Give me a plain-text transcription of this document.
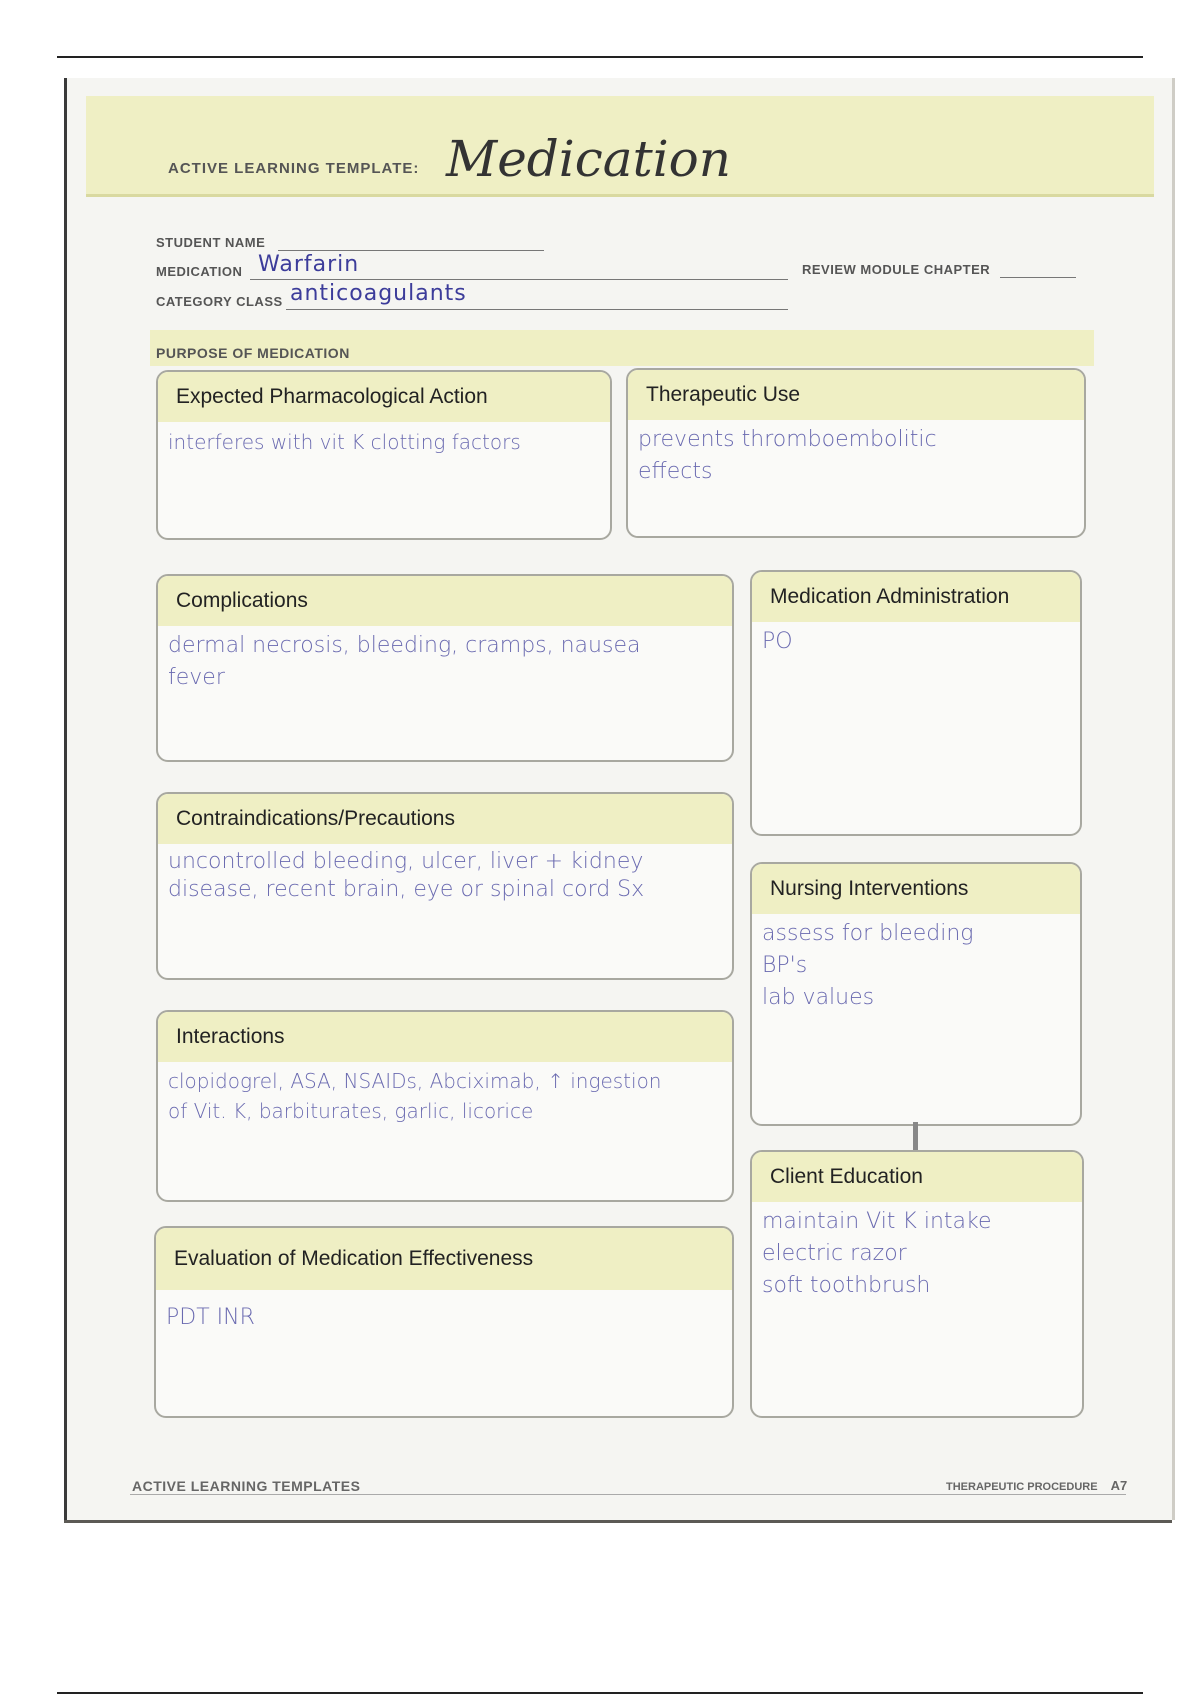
ACTIVE LEARNING TEMPLATE: Medication
STUDENT NAME
MEDICATION Warfarin	REVIEW MODULE CHAPTER
CATEGORY CLASS anticoagulants
PURPOSE OF MEDICATION
Expected Pharmacological Action
interferes with vit K clotting factors
Therapeutic Use
prevents thromboembolitic
effects
Complications
dermal necrosis, bleeding, cramps, nausea
fever
Medication Administration
PO
Contraindications/Precautions
uncontrolled bleeding, ulcer, liver + kidney
disease, recent brain, eye or spinal cord Sx	Nursing Interventions
assess for bleeding
BP's
lab values
Interactions
clopidogrel, ASA, NSAIDs, Abciximab, ↑ ingestion
of Vit. K, barbiturates, garlic, licorice
Client Education
maintain Vit K intake
electric razor
soft toothbrush
Evaluation of Medication Effectiveness
PDT INR
ACTIVE LEARNING TEMPLATES	THERAPEUTIC PROCEDURE A7
